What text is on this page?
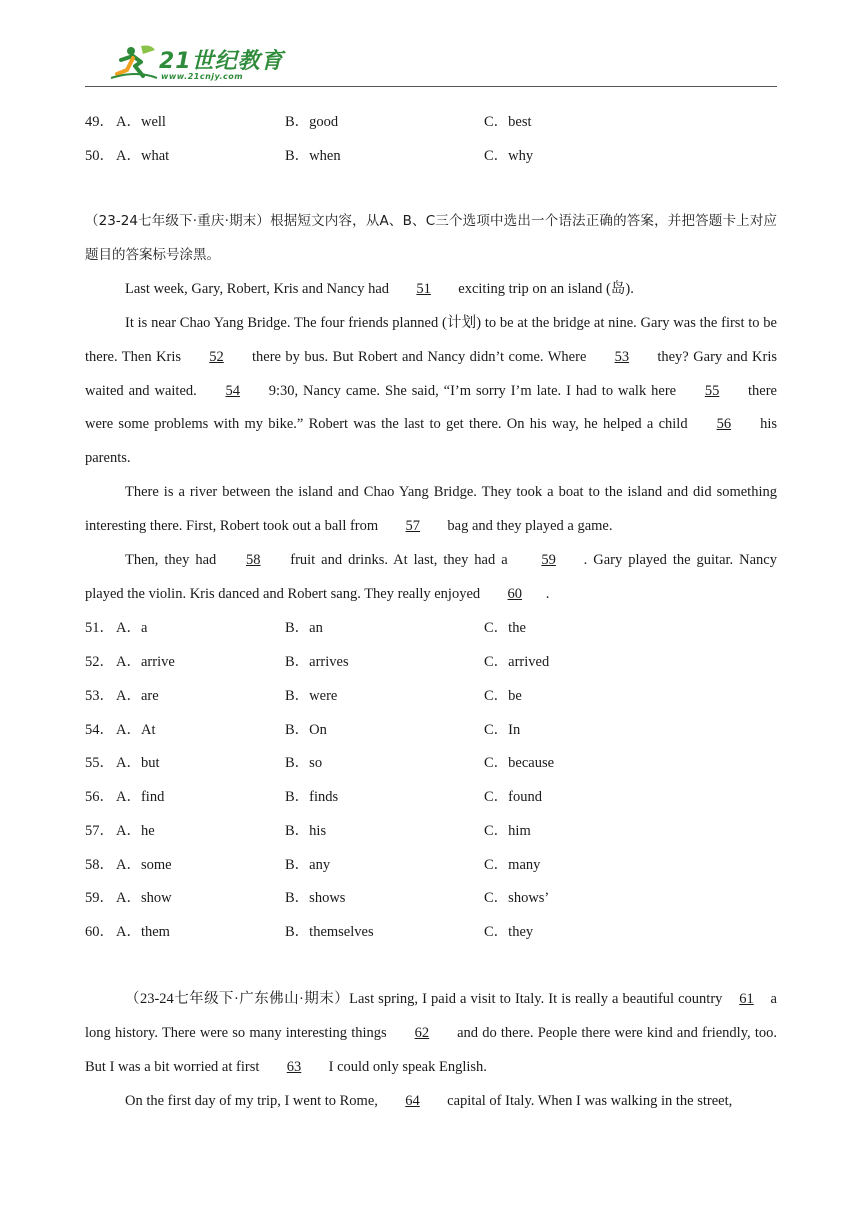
21世纪教育
www.21cnjy.com
49． A．well	B．good	C．best
50． A．what	B．when	C．why
（23-24七年级下·重庆·期末）根据短文内容，从A、B、C三个选项中选出一个语法正确的答案，并把答题卡上对应题目的答案标号涂黑。
Last week, Gary, Robert, Kris and Nancy had 51 exciting trip on an island (岛).
It is near Chao Yang Bridge. The four friends planned (计划) to be at the bridge at nine. Gary was the first to be there. Then Kris 52 there by bus. But Robert and Nancy didn’t come. Where 53 they? Gary and Kris waited and waited. 54 9:30, Nancy came. She said, “I’m sorry I’m late. I had to walk here 55 there were some problems with my bike.” Robert was the last to get there. On his way, he helped a child 56 his parents.
There is a river between the island and Chao Yang Bridge. They took a boat to the island and did something interesting there. First, Robert took out a ball from 57 bag and they played a game.
Then, they had 58 fruit and drinks. At last, they had a 59 . Gary played the guitar. Nancy played the violin. Kris danced and Robert sang. They really enjoyed 60 .
51． A．a	B．an	C．the
52． A．arrive	B．arrives	C．arrived
53． A．are	B．were	C．be
54． A．At	B．On	C．In
55． A．but	B．so	C．because
56． A．find	B．finds	C．found
57． A．he	B．his	C．him
58． A．some	B．any	C．many
59． A．show	B．shows	C．shows’
60． A．them	B．themselves	C．they
（23-24七年级下·广东佛山·期末）Last spring, I paid a visit to Italy. It is really a beautiful country 61 a long history. There were so many interesting things 62 and do there. People there were kind and friendly, too. But I was a bit worried at first 63 I could only speak English.
On the first day of my trip, I went to Rome, 64 capital of Italy. When I was walking in the street,
